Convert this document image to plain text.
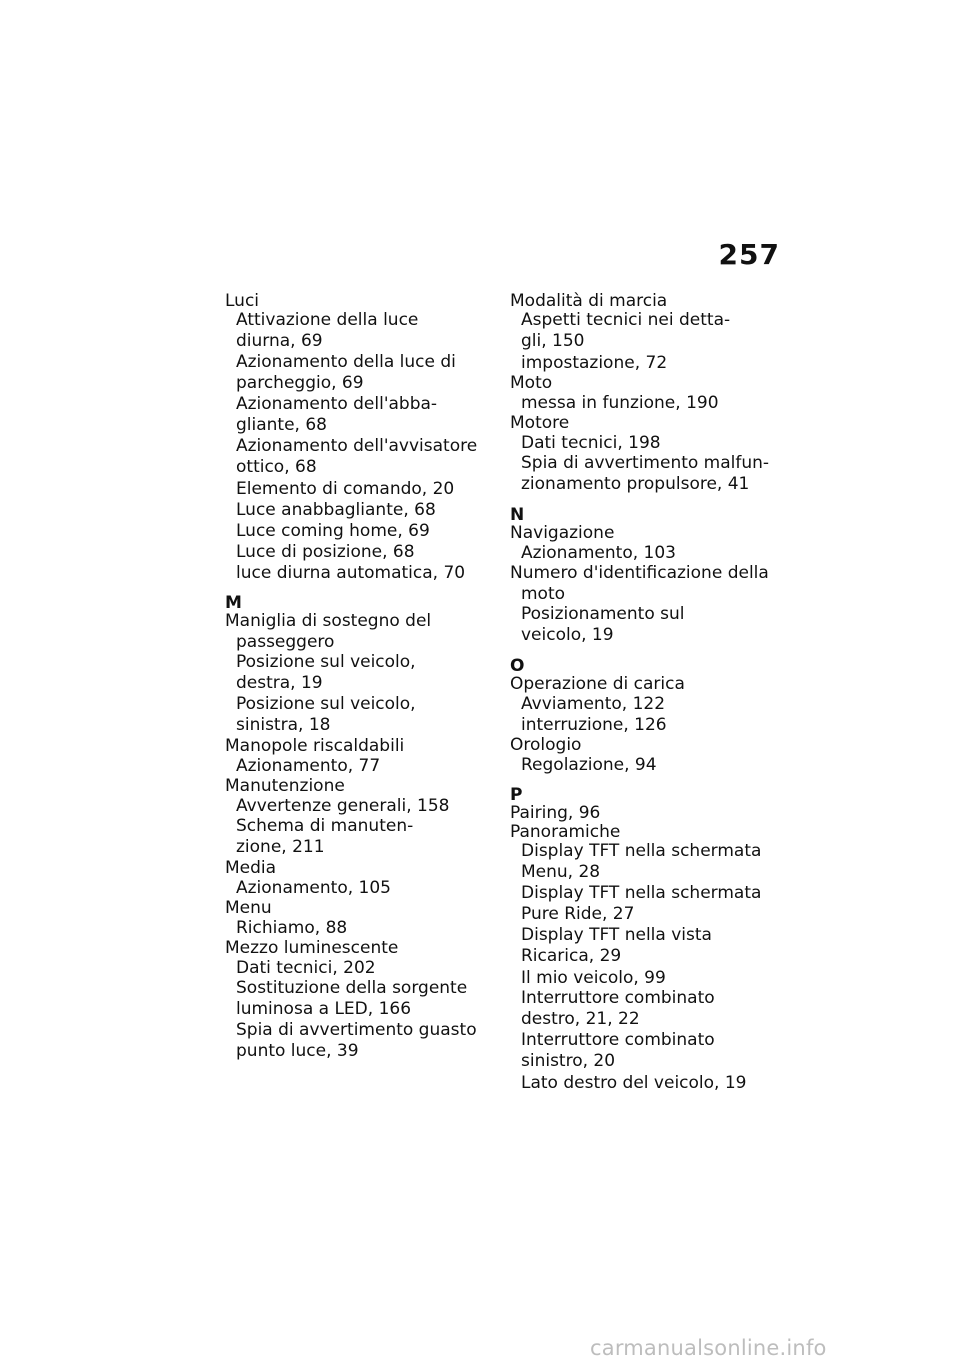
257
Luci
Attivazione della luce
diurna, 69
Azionamento della luce di
parcheggio, 69
Azionamento dell'abba-
gliante, 68
Azionamento dell'avvisatore
ottico, 68
Elemento di comando, 20
Luce anabbagliante, 68
Luce coming home, 69
Luce di posizione, 68
luce diurna automatica, 70
M
Maniglia di sostegno del
passeggero
Posizione sul veicolo,
destra, 19
Posizione sul veicolo,
sinistra, 18
Manopole riscaldabili
Azionamento, 77
Manutenzione
Avvertenze generali, 158
Schema di manuten-
zione, 211
Media
Azionamento, 105
Menu
Richiamo, 88
Mezzo luminescente
Dati tecnici, 202
Sostituzione della sorgente
luminosa a LED, 166
Spia di avvertimento guasto
punto luce, 39
Modalità di marcia
Aspetti tecnici nei detta-
gli, 150
impostazione, 72
Moto
messa in funzione, 190
Motore
Dati tecnici, 198
Spia di avvertimento malfun-
zionamento propulsore, 41
N
Navigazione
Azionamento, 103
Numero d'identificazione della
moto
Posizionamento sul
veicolo, 19
O
Operazione di carica
Avviamento, 122
interruzione, 126
Orologio
Regolazione, 94
P
Pairing, 96
Panoramiche
Display TFT nella schermata
Menu, 28
Display TFT nella schermata
Pure Ride, 27
Display TFT nella vista
Ricarica, 29
Il mio veicolo, 99
Interruttore combinato
destro, 21, 22
Interruttore combinato
sinistro, 20
Lato destro del veicolo, 19
carmanualsonline.info
